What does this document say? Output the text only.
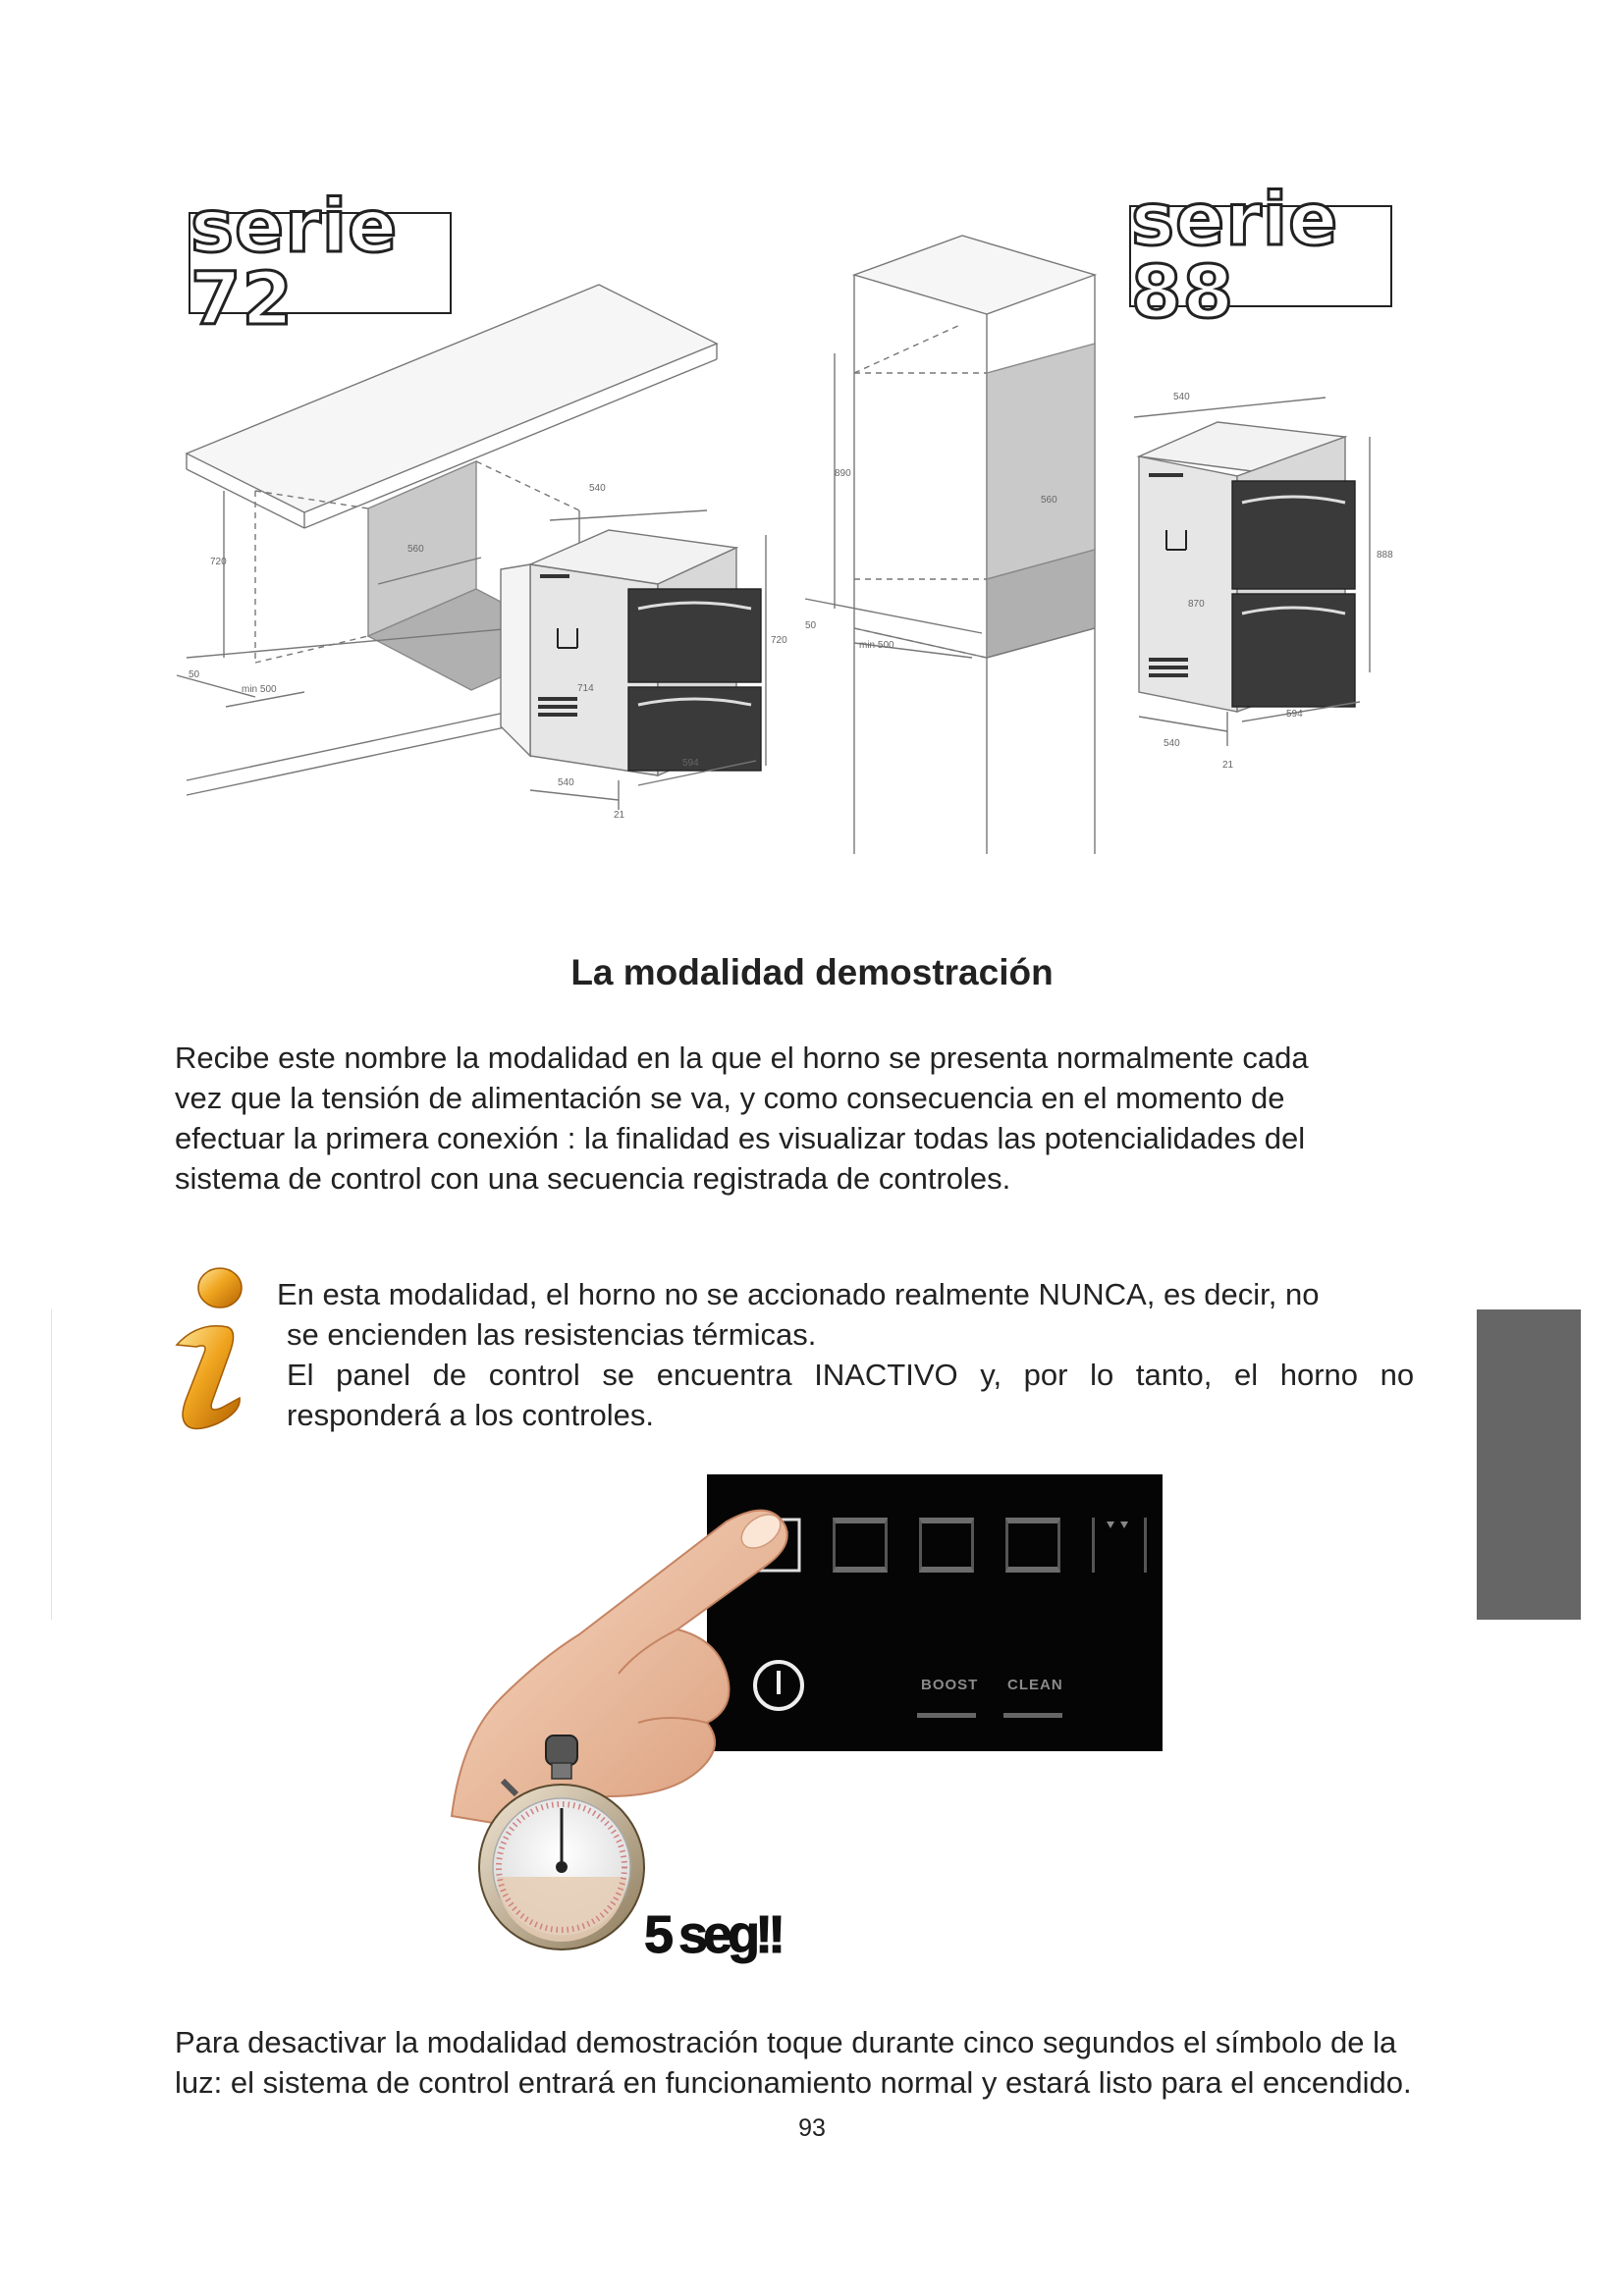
720
560
50
min 500
540
720
714
594
540
21
890
560
50
min 500
540
888
870
594
540
21
serie 72
serie 88
La modalidad demostración
Recibe este nombre la modalidad en la que el horno se presenta normalmente cada
vez que la tensión de alimentación se va, y como consecuencia en el momento de
efectuar la primera conexión : la finalidad es visualizar todas las potencialidades del
sistema de control con una secuencia registrada de controles.
En esta modalidad, el horno no se accionado realmente NUNCA, es decir, no
se encienden las resistencias térmicas.
El panel de control se encuentra INACTIVO y, por lo tanto, el horno no
responderá a los controles.
BOOST CLEAN
5 seg!!
Para desactivar la modalidad demostración toque durante cinco segundos el símbolo de la
luz: el sistema de control entrará en funcionamiento normal y estará listo para el encendido.
93
